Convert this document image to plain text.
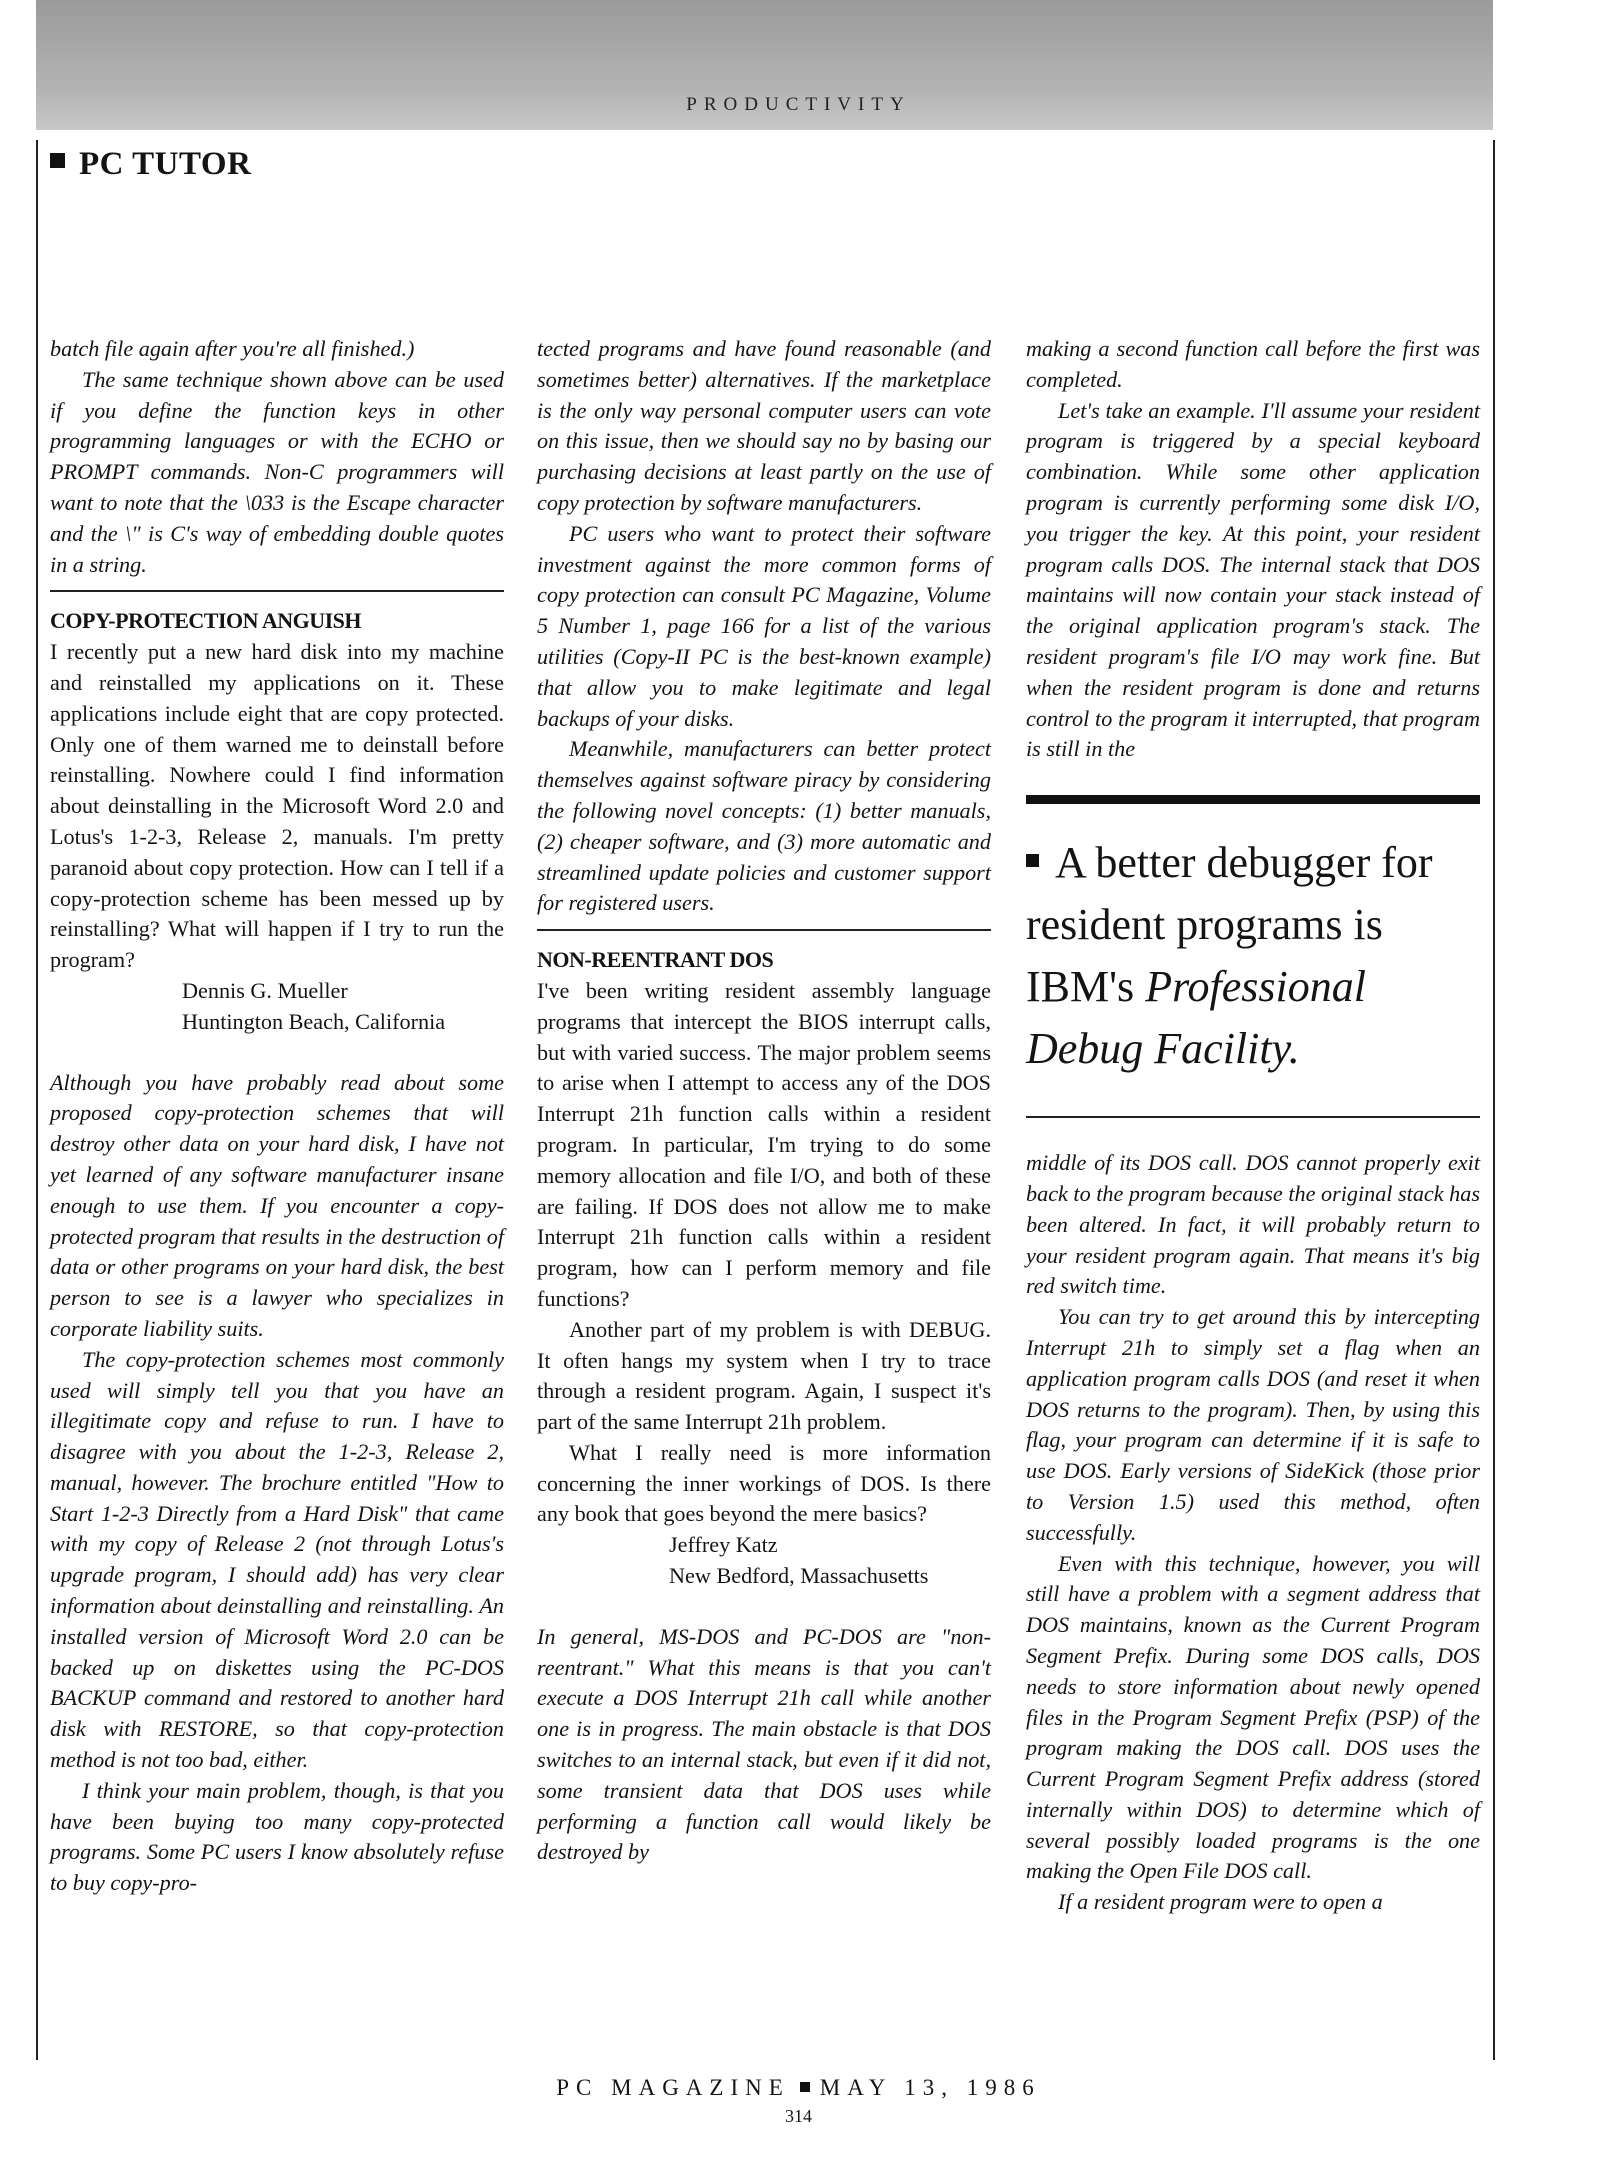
PRODUCTIVITY
PC TUTOR

batch file again after you're all finished.)

The same technique shown above can be used if you define the function keys in other programming languages or with the ECHO or PROMPT commands. Non-C programmers will want to note that the \033 is the Escape character and the \" is C's way of embedding double quotes in a string.

COPY-PROTECTION ANGUISH

I recently put a new hard disk into my machine and reinstalled my applications on it. These applications include eight that are copy protected. Only one of them warned me to deinstall before reinstalling. Nowhere could I find information about deinstalling in the Microsoft Word 2.0 and Lotus's 1-2-3, Release 2, manuals. I'm pretty paranoid about copy protection. How can I tell if a copy-protection scheme has been messed up by reinstalling? What will happen if I try to run the program?

Dennis G. Mueller

Huntington Beach, California

Although you have probably read about some proposed copy-protection schemes that will destroy other data on your hard disk, I have not yet learned of any software manufacturer insane enough to use them. If you encounter a copy-protected program that results in the destruction of data or other programs on your hard disk, the best person to see is a lawyer who specializes in corporate liability suits.

The copy-protection schemes most commonly used will simply tell you that you have an illegitimate copy and refuse to run. I have to disagree with you about the 1-2-3, Release 2, manual, however. The brochure entitled "How to Start 1-2-3 Directly from a Hard Disk" that came with my copy of Release 2 (not through Lotus's upgrade program, I should add) has very clear information about deinstalling and reinstalling. An installed version of Microsoft Word 2.0 can be backed up on diskettes using the PC-DOS BACKUP command and restored to another hard disk with RESTORE, so that copy-protection method is not too bad, either.

I think your main problem, though, is that you have been buying too many copy-protected programs. Some PC users I know absolutely refuse to buy copy-pro-

tected programs and have found reasonable (and sometimes better) alternatives. If the marketplace is the only way personal computer users can vote on this issue, then we should say no by basing our purchasing decisions at least partly on the use of copy protection by software manufacturers.

PC users who want to protect their software investment against the more common forms of copy protection can consult PC Magazine, Volume 5 Number 1, page 166 for a list of the various utilities (Copy-II PC is the best-known example) that allow you to make legitimate and legal backups of your disks.

Meanwhile, manufacturers can better protect themselves against software piracy by considering the following novel concepts: (1) better manuals, (2) cheaper software, and (3) more automatic and streamlined update policies and customer support for registered users.

NON-REENTRANT DOS

I've been writing resident assembly language programs that intercept the BIOS interrupt calls, but with varied success. The major problem seems to arise when I attempt to access any of the DOS Interrupt 21h function calls within a resident program. In particular, I'm trying to do some memory allocation and file I/O, and both of these are failing. If DOS does not allow me to make Interrupt 21h function calls within a resident program, how can I perform memory and file functions?

Another part of my problem is with DEBUG. It often hangs my system when I try to trace through a resident program. Again, I suspect it's part of the same Interrupt 21h problem.

What I really need is more information concerning the inner workings of DOS. Is there any book that goes beyond the mere basics?

Jeffrey Katz

New Bedford, Massachusetts

In general, MS-DOS and PC-DOS are "non-reentrant." What this means is that you can't execute a DOS Interrupt 21h call while another one is in progress. The main obstacle is that DOS switches to an internal stack, but even if it did not, some transient data that DOS uses while performing a function call would likely be destroyed by

making a second function call before the first was completed.

Let's take an example. I'll assume your resident program is triggered by a special keyboard combination. While some other application program is currently performing some disk I/O, you trigger the key. At this point, your resident program calls DOS. The internal stack that DOS maintains will now contain your stack instead of the original application program's stack. The resident program's file I/O may work fine. But when the resident program is done and returns control to the program it interrupted, that program is still in the

A better debugger for resident programs is IBM's Professional Debug Facility.

middle of its DOS call. DOS cannot properly exit back to the program because the original stack has been altered. In fact, it will probably return to your resident program again. That means it's big red switch time.

You can try to get around this by intercepting Interrupt 21h to simply set a flag when an application program calls DOS (and reset it when DOS returns to the program). Then, by using this flag, your program can determine if it is safe to use DOS. Early versions of SideKick (those prior to Version 1.5) used this method, often successfully.

Even with this technique, however, you will still have a problem with a segment address that DOS maintains, known as the Current Program Segment Prefix. During some DOS calls, DOS needs to store information about newly opened files in the Program Segment Prefix (PSP) of the program making the DOS call. DOS uses the Current Program Segment Prefix address (stored internally within DOS) to determine which of several possibly loaded programs is the one making the Open File DOS call.

If a resident program were to open a

PC MAGAZINE MAY 13, 1986
314
